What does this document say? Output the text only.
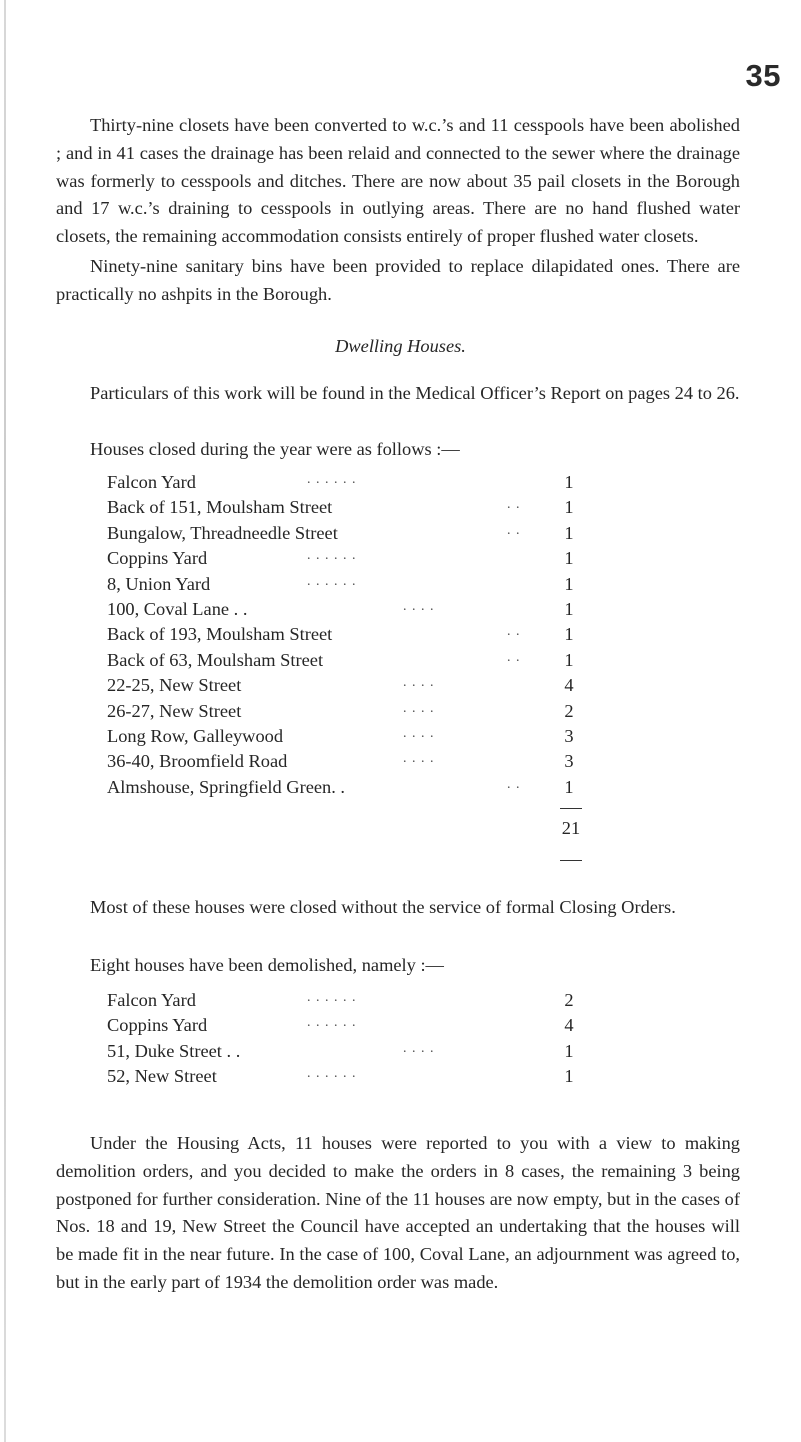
35

Thirty-nine closets have been converted to w.c.’s and 11 cesspools have been abolished ; and in 41 cases the drainage has been relaid and connected to the sewer where the drainage was formerly to cesspools and ditches. There are now about 35 pail closets in the Borough and 17 w.c.’s draining to cesspools in outlying areas. There are no hand flushed water closets, the remaining accommodation consists entirely of proper flushed water closets.

Ninety-nine sanitary bins have been provided to replace dilapidated ones. There are practically no ashpits in the Borough.

Dwelling Houses.

Particulars of this work will be found in the Medical Officer’s Report on pages 24 to 26.

Houses closed during the year were as follows :—

Falcon Yard	. . . . . .	1
Back of 151, Moulsham Street	. .	1
Bungalow, Threadneedle Street	. .	1
Coppins Yard	. . . . . .	1
8, Union Yard	. . . . . .	1
100, Coval Lane . .	. . . .	1
Back of 193, Moulsham Street	. .	1
Back of 63, Moulsham Street	. .	1
22-25, New Street	. . . .	4
26-27, New Street	. . . .	2
Long Row, Galleywood	. . . .	3
36-40, Broomfield Road	. . . .	3
Almshouse, Springfield Green. .	. .	1
21

Most of these houses were closed without the service of formal Closing Orders.

Eight houses have been demolished, namely :—

Falcon Yard	. . . . . .	2
Coppins Yard	. . . . . .	4
51, Duke Street . .	. . . .	1
52, New Street	. . . . . .	1

Under the Housing Acts, 11 houses were reported to you with a view to making demolition orders, and you decided to make the orders in 8 cases, the remaining 3 being postponed for further consideration. Nine of the 11 houses are now empty, but in the cases of Nos. 18 and 19, New Street the Council have accepted an undertaking that the houses will be made fit in the near future. In the case of 100, Coval Lane, an adjournment was agreed to, but in the early part of 1934 the demolition order was made.
